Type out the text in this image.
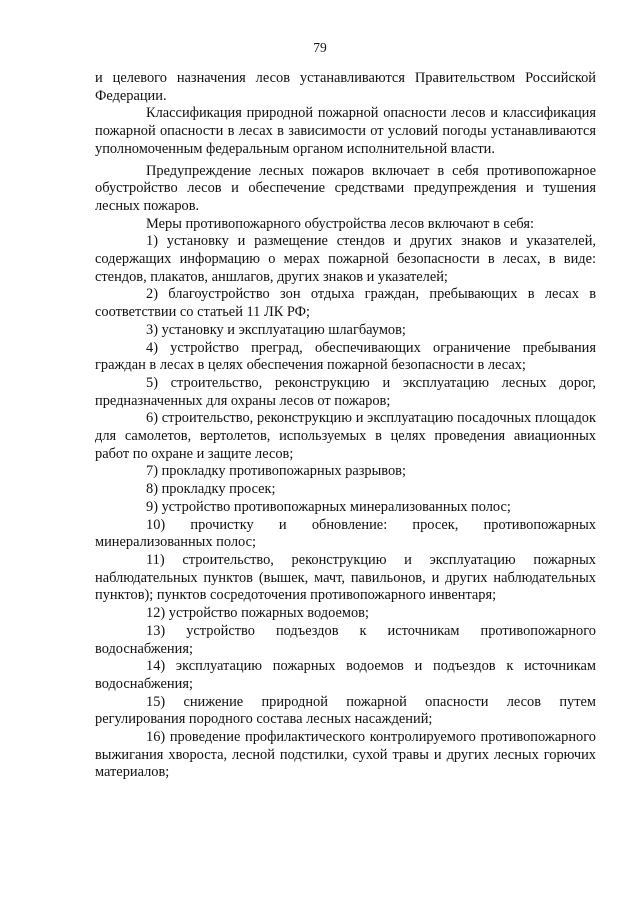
79

и целевого назначения лесов устанавливаются Правительством Российской Федерации.

Классификация природной пожарной опасности лесов и классификация пожарной опасности в лесах в зависимости от условий погоды устанавливаются уполномоченным федеральным органом исполнительной власти.

Предупреждение лесных пожаров включает в себя противопожарное обустройство лесов и обеспечение средствами предупреждения и тушения лесных пожаров.

Меры противопожарного обустройства лесов включают в себя:

1) установку и размещение стендов и других знаков и указателей, содержащих информацию о мерах пожарной безопасности в лесах, в виде: стендов, плакатов, аншлагов, других знаков и указателей;

2) благоустройство зон отдыха граждан, пребывающих в лесах в соответствии со статьей 11 ЛК РФ;

3) установку и эксплуатацию шлагбаумов;

4) устройство преград, обеспечивающих ограничение пребывания граждан в лесах в целях обеспечения пожарной безопасности в лесах;

5) строительство, реконструкцию и эксплуатацию лесных дорог, предназначенных для охраны лесов от пожаров;

6) строительство, реконструкцию и эксплуатацию посадочных площадок для самолетов, вертолетов, используемых в целях проведения авиационных работ по охране и защите лесов;

7) прокладку противопожарных разрывов;

8) прокладку просек;

9) устройство противопожарных минерализованных полос;

10) прочистку и обновление: просек, противопожарных минерализованных полос;

11) строительство, реконструкцию и эксплуатацию пожарных наблюдательных пунктов (вышек, мачт, павильонов, и других наблюдательных пунктов); пунктов сосредоточения противопожарного инвентаря;

12) устройство пожарных водоемов;

13) устройство подъездов к источникам противопожарного водоснабжения;

14) эксплуатацию пожарных водоемов и подъездов к источникам водоснабжения;

15) снижение природной пожарной опасности лесов путем регулирования породного состава лесных насаждений;

16) проведение профилактического контролируемого противопожарного выжигания хвороста, лесной подстилки, сухой травы и других лесных горючих материалов;
